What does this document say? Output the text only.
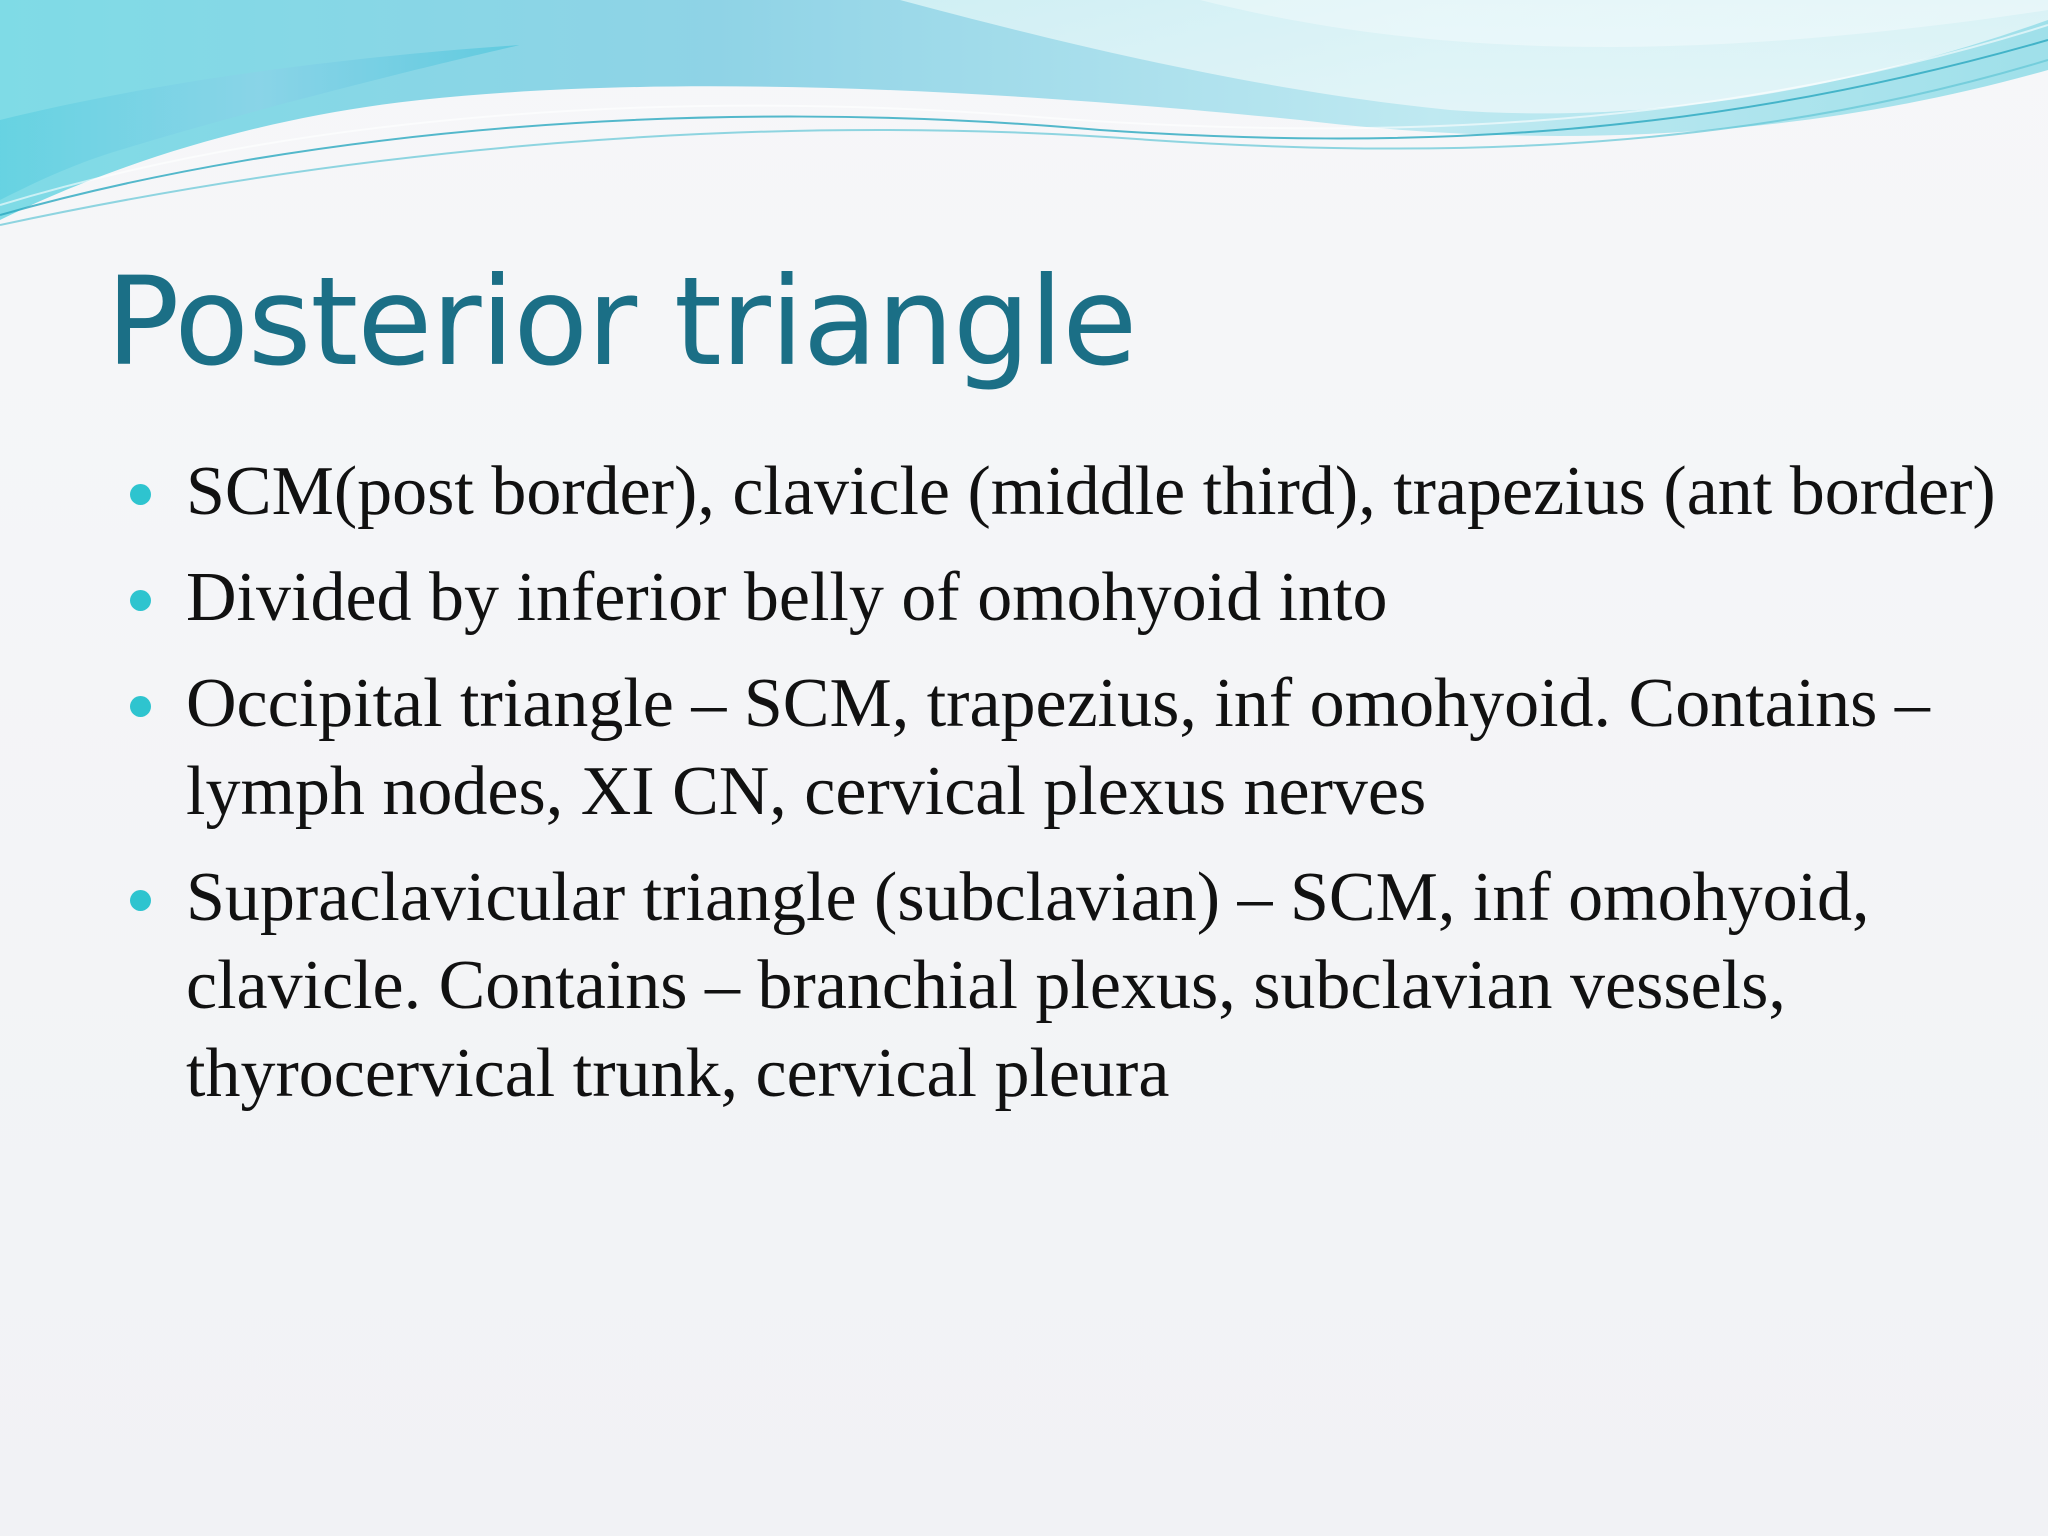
Posterior triangle
SCM(post border), clavicle (middle third), trapezius (ant border)
Divided by inferior belly of omohyoid into
Occipital triangle – SCM, trapezius, inf omohyoid. Contains – lymph nodes, XI CN, cervical plexus nerves
Supraclavicular triangle (subclavian) – SCM, inf omohyoid, clavicle. Contains – branchial plexus, subclavian vessels, thyrocervical trunk, cervical pleura
